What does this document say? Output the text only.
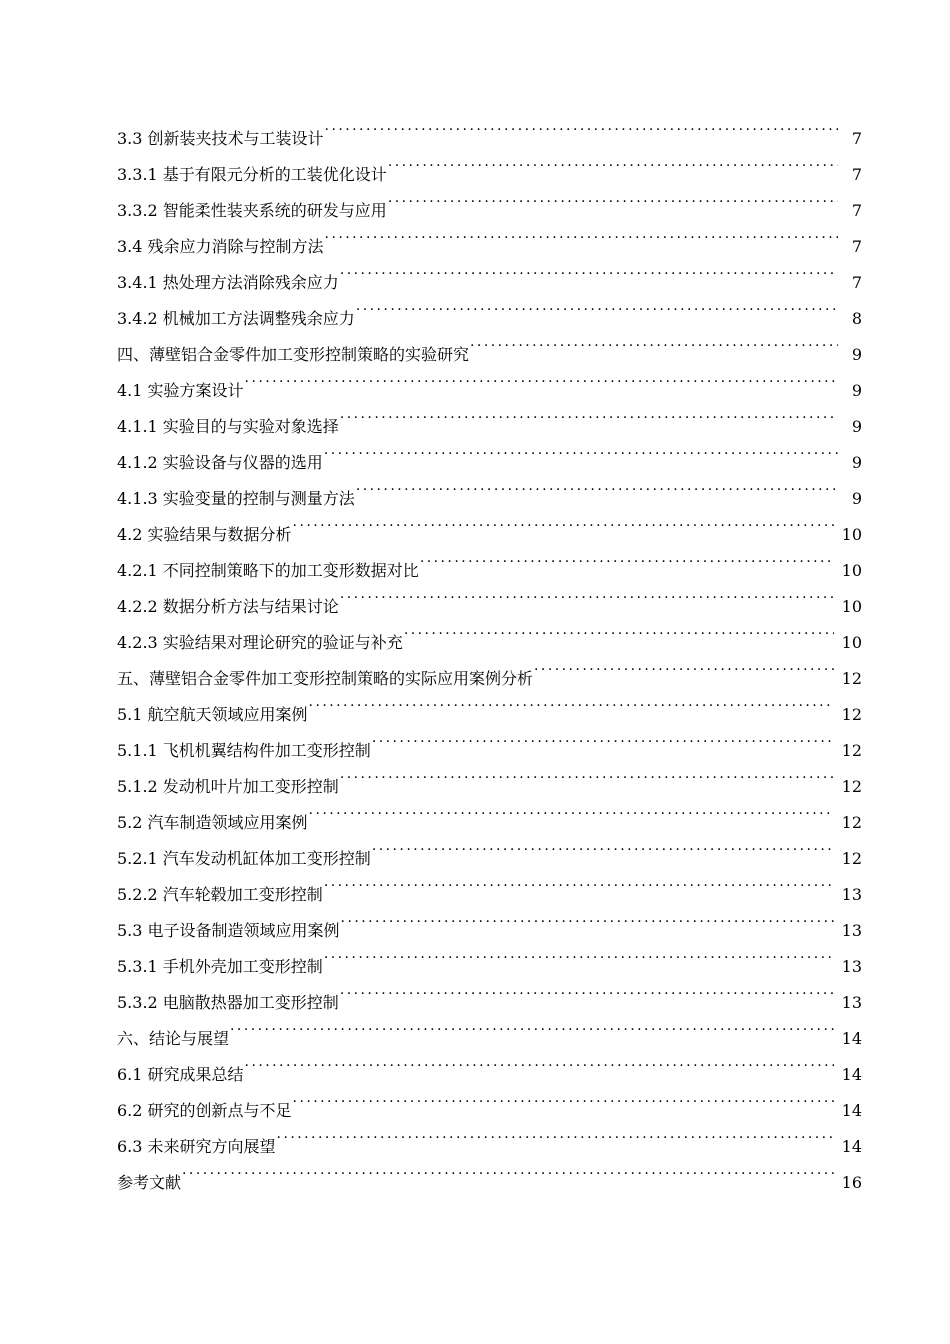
3.3 创新装夹技术与工装设计 . . .	7
3.3.1 基于有限元分析的工装优化设计 . . .	7
3.3.2 智能柔性装夹系统的研发与应用 . . .	7
3.4 残余应力消除与控制方法 . . .	7
3.4.1 热处理方法消除残余应力 . . .	7
3.4.2 机械加工方法调整残余应力 . . .	8
四、薄壁铝合金零件加工变形控制策略的实验研究 . . .	9
4.1 实验方案设计 . . .	9
4.1.1 实验目的与实验对象选择 . . .	9
4.1.2 实验设备与仪器的选用 . . .	9
4.1.3 实验变量的控制与测量方法 . . .	9
4.2 实验结果与数据分析 . . .	10
4.2.1 不同控制策略下的加工变形数据对比 . . .	10
4.2.2 数据分析方法与结果讨论 . . .	10
4.2.3 实验结果对理论研究的验证与补充 . . .	10
五、薄壁铝合金零件加工变形控制策略的实际应用案例分析 . . .	12
5.1 航空航天领域应用案例 . . .	12
5.1.1 飞机机翼结构件加工变形控制 . . .	12
5.1.2 发动机叶片加工变形控制 . . .	12
5.2 汽车制造领域应用案例 . . .	12
5.2.1 汽车发动机缸体加工变形控制 . . .	12
5.2.2 汽车轮毂加工变形控制 . . .	13
5.3 电子设备制造领域应用案例 . . .	13
5.3.1 手机外壳加工变形控制 . . .	13
5.3.2 电脑散热器加工变形控制 . . .	13
六、结论与展望 . . .	14
6.1 研究成果总结 . . .	14
6.2 研究的创新点与不足 . . .	14
6.3 未来研究方向展望 . . .	14
参考文献 . . .	16
